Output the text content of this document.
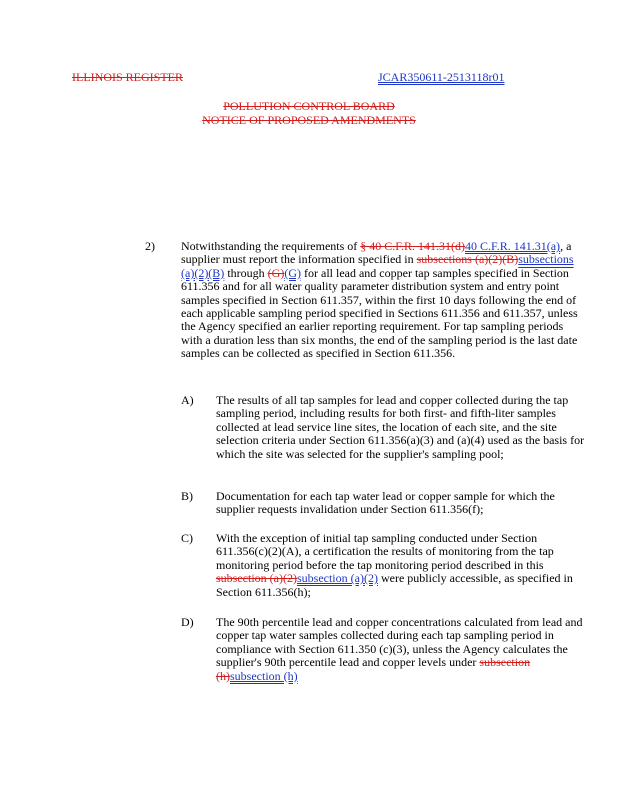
ILLINOIS REGISTER	JCAR350611-2513118r01
POLLUTION CONTROL BOARD
NOTICE OF PROPOSED AMENDMENTS
2) Notwithstanding the requirements of § 40 C.F.R. 141.31(d)40 C.F.R. 141.31(a), a supplier must report the information specified in subsections (a)(2)(B)subsections (a)(2)(B) through (G)(G) for all lead and copper tap samples specified in Section 611.356 and for all water quality parameter distribution system and entry point samples specified in Section 611.357, within the first 10 days following the end of each applicable sampling period specified in Sections 611.356 and 611.357, unless the Agency specified an earlier reporting requirement. For tap sampling periods with a duration less than six months, the end of the sampling period is the last date samples can be collected as specified in Section 611.356.

A) The results of all tap samples for lead and copper collected during the tap sampling period, including results for both first- and fifth-liter samples collected at lead service line sites, the location of each site, and the site selection criteria under Section 611.356(a)(3) and (a)(4) used as the basis for which the site was selected for the supplier's sampling pool;

B) Documentation for each tap water lead or copper sample for which the supplier requests invalidation under Section 611.356(f);

C) With the exception of initial tap sampling conducted under Section 611.356(c)(2)(A), a certification the results of monitoring from the tap monitoring period before the tap monitoring period described in this subsection (a)(2)subsection (a)(2) were publicly accessible, as specified in Section 611.356(h);

D) The 90th percentile lead and copper concentrations calculated from lead and copper tap water samples collected during each tap sampling period in compliance with Section 611.350 (c)(3), unless the Agency calculates the supplier's 90th percentile lead and copper levels under subsection (h)subsection (h)
